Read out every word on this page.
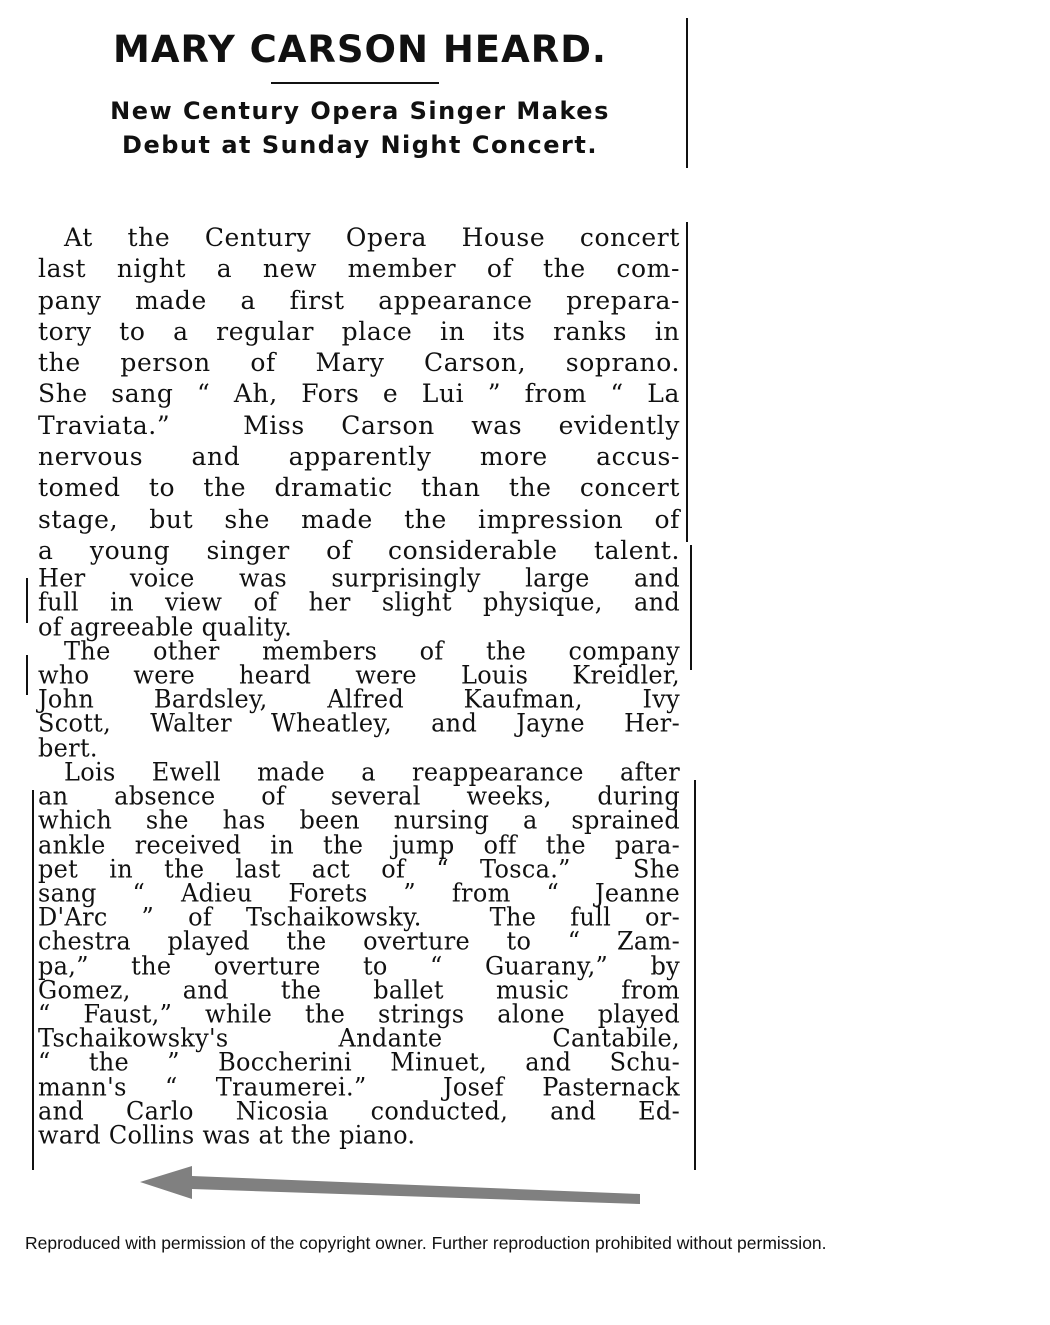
MARY CARSON HEARD.
New Century Opera Singer Makes
Debut at Sunday Night Concert.
At the Century Opera House concert
last night a new member of the com-
pany made a first appearance prepara-
tory to a regular place in its ranks in
the person of Mary Carson, soprano.
She sang “ Ah, Fors e Lui ” from “ La
Traviata.”  Miss Carson was evidently
nervous and apparently more accus-
tomed to the dramatic than the concert
stage, but she made the impression of
a young singer of considerable talent.
Her voice was surprisingly large and
full in view of her slight physique, and
of agreeable quality.
The other members of the company
who were heard were Louis Kreidler,
John Bardsley, Alfred Kaufman, Ivy
Scott, Walter Wheatley, and Jayne Her-
bert.
Lois Ewell made a reappearance after
an absence of several weeks, during
which she has been nursing a sprained
ankle received in the jump off the para-
pet in the last act of “ Tosca.”  She
sang “ Adieu Forets ” from “ Jeanne
D'Arc ” of Tschaikowsky.  The full or-
chestra played the overture to “ Zam-
pa,” the overture to “ Guarany,” by
Gomez, and the ballet music from
“ Faust,” while the strings alone played
Tschaikowsky's Andante Cantabile,
“ the ” Boccherini Minuet, and Schu-
mann's “ Traumerei.”  Josef Pasternack
and Carlo Nicosia conducted, and Ed-
ward Collins was at the piano.
Reproduced with permission of the copyright owner. Further reproduction prohibited without permission.
